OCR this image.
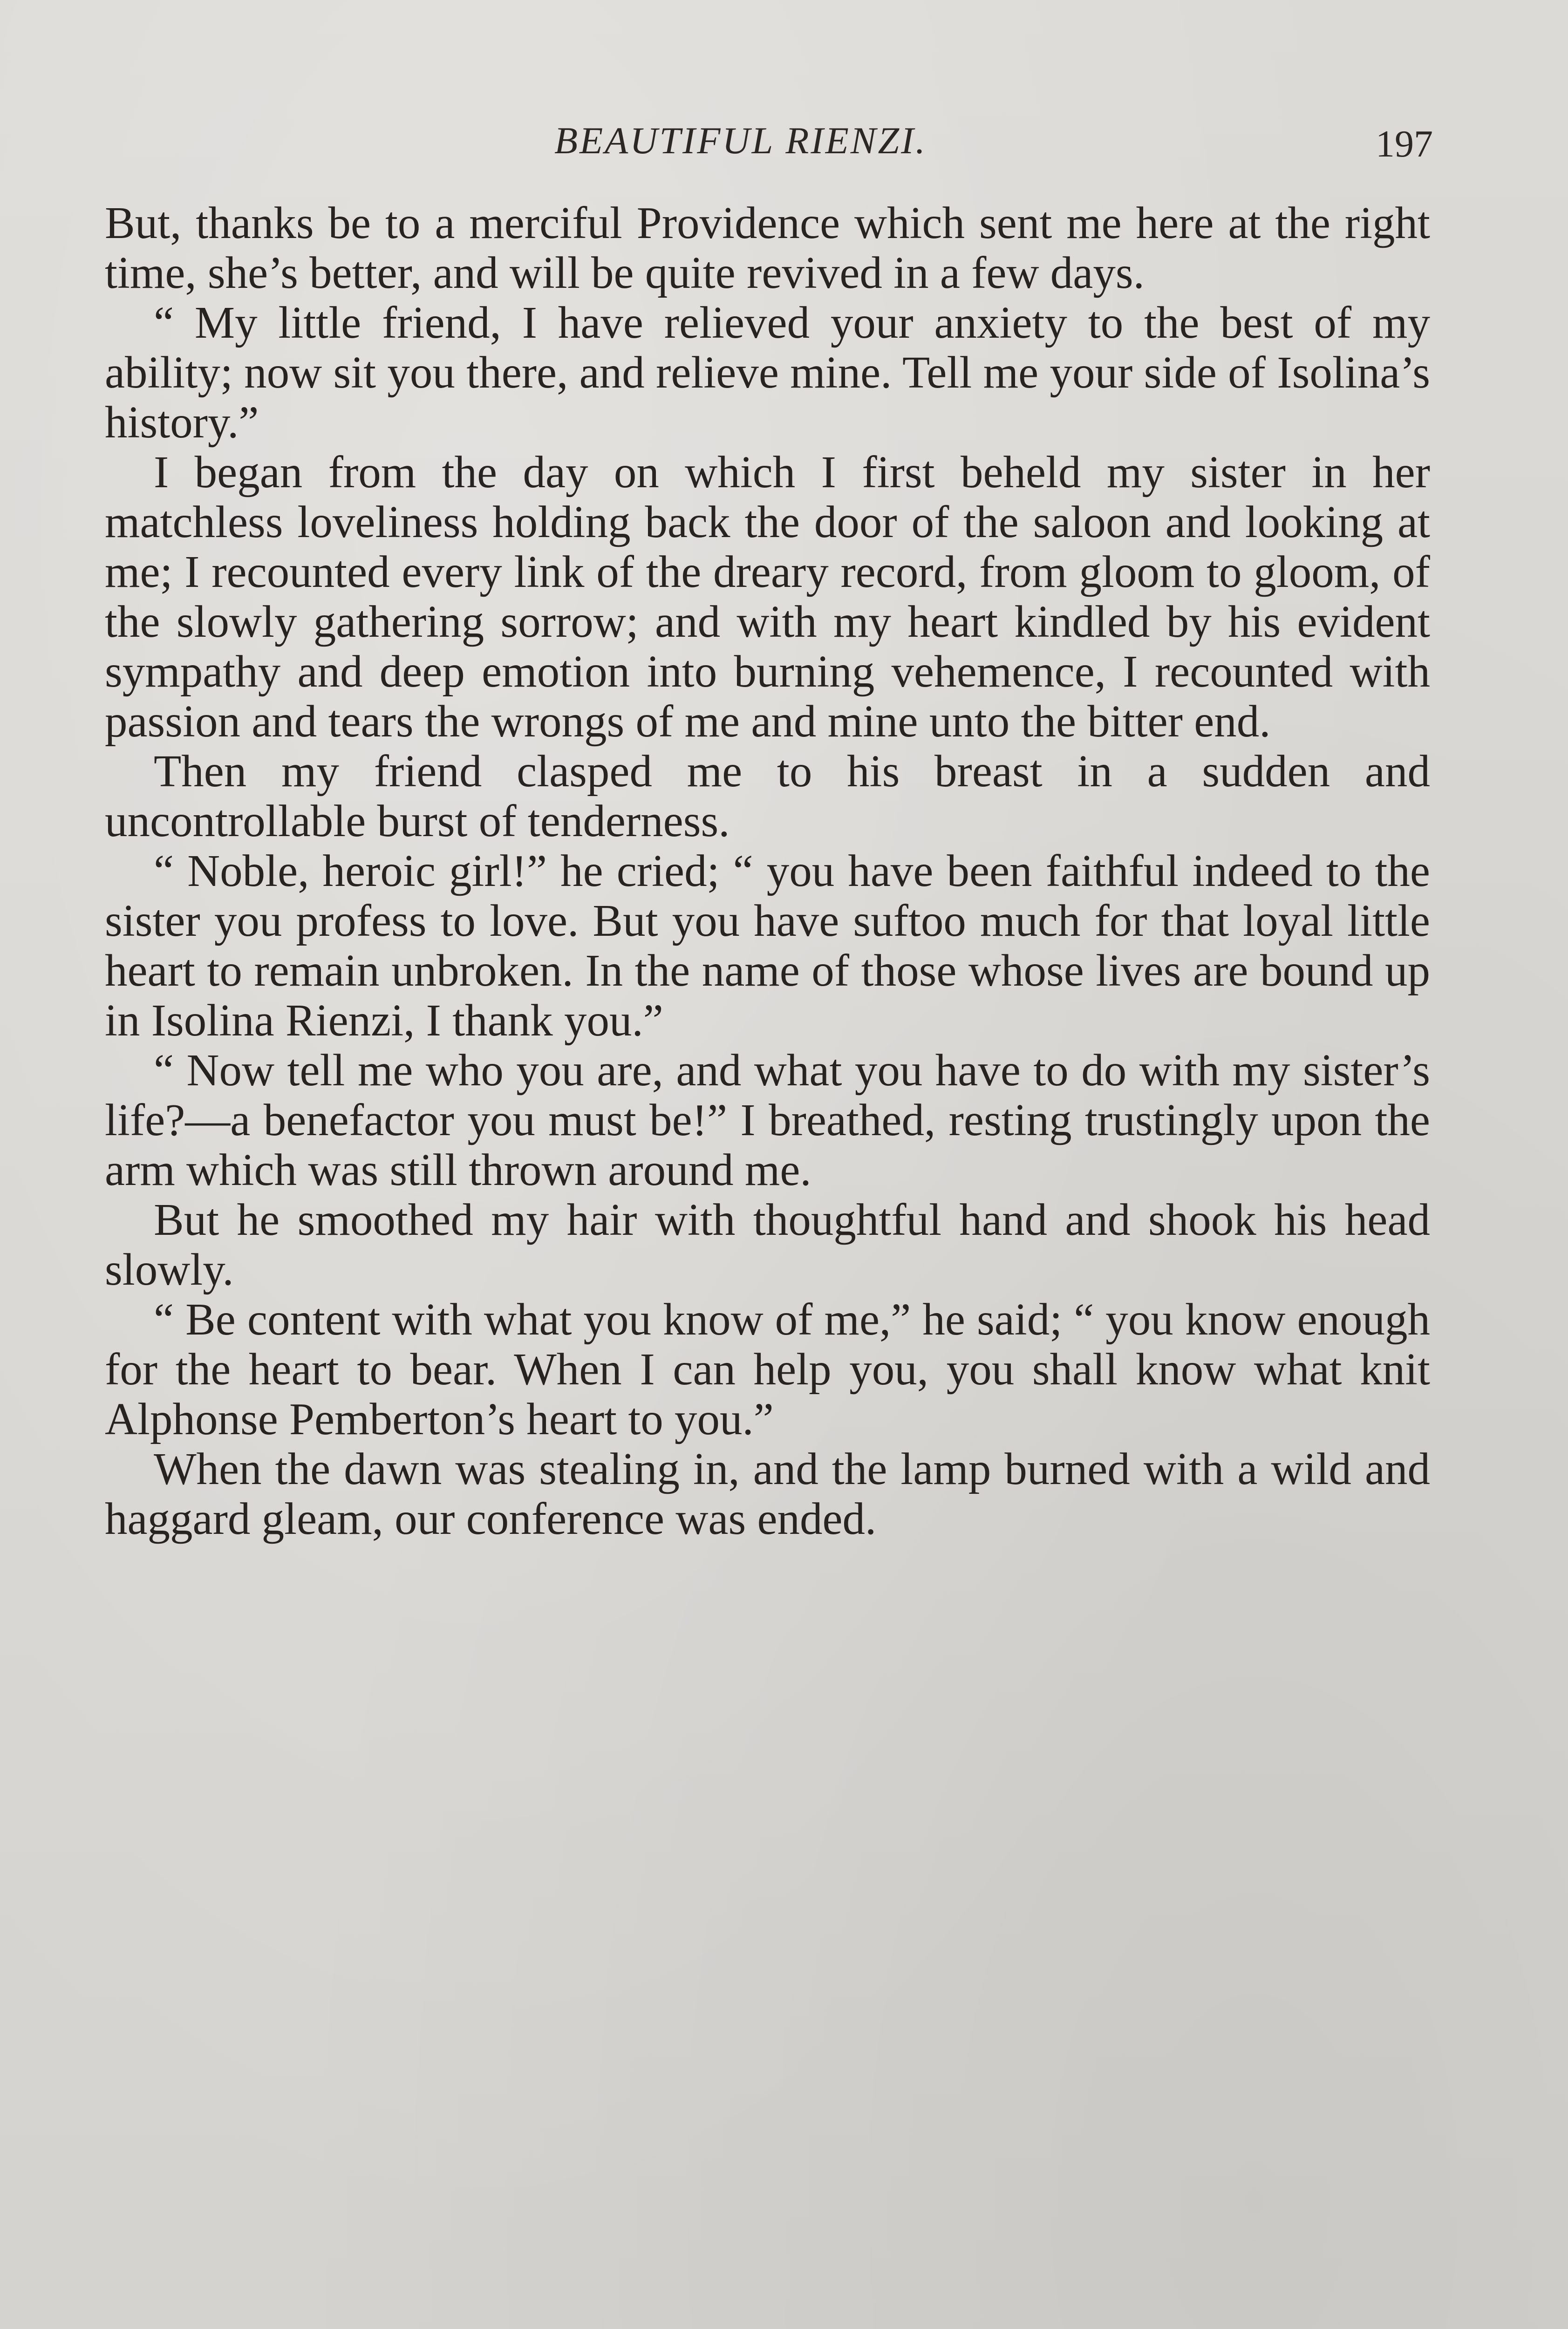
BEAUTIFUL RIENZI.	197

But, thanks be to a merciful Providence which sent me here at the right time, she’s better, and will be quite revived in a few days.

“ My little friend, I have relieved your anxiety to the best of my ability; now sit you there, and relieve mine. Tell me your side of Isolina’s history.”

I began from the day on which I first beheld my sister in her matchless loveliness holding back the door of the saloon and looking at me; I recounted every link of the dreary record, from gloom to gloom, of the slowly gathering sorrow; and with my heart kindled by his evident sympathy and deep emotion into burning vehemence, I recounted with passion and tears the wrongs of me and mine unto the bitter end.

Then my friend clasped me to his breast in a sudden and uncontrollable burst of tenderness.

“ Noble, heroic girl!” he cried; “ you have been faithful indeed to the sister you profess to love. But you have suftoo much for that loyal little heart to remain unbroken. In the name of those whose lives are bound up in Isolina Rienzi, I thank you.”

“ Now tell me who you are, and what you have to do with my sister’s life?—a benefactor you must be!” I breathed, resting trustingly upon the arm which was still thrown around me.

But he smoothed my hair with thoughtful hand and shook his head slowly.

“ Be content with what you know of me,” he said; “ you know enough for the heart to bear. When I can help you, you shall know what knit Alphonse Pemberton’s heart to you.”

When the dawn was stealing in, and the lamp burned with a wild and haggard gleam, our conference was ended.
